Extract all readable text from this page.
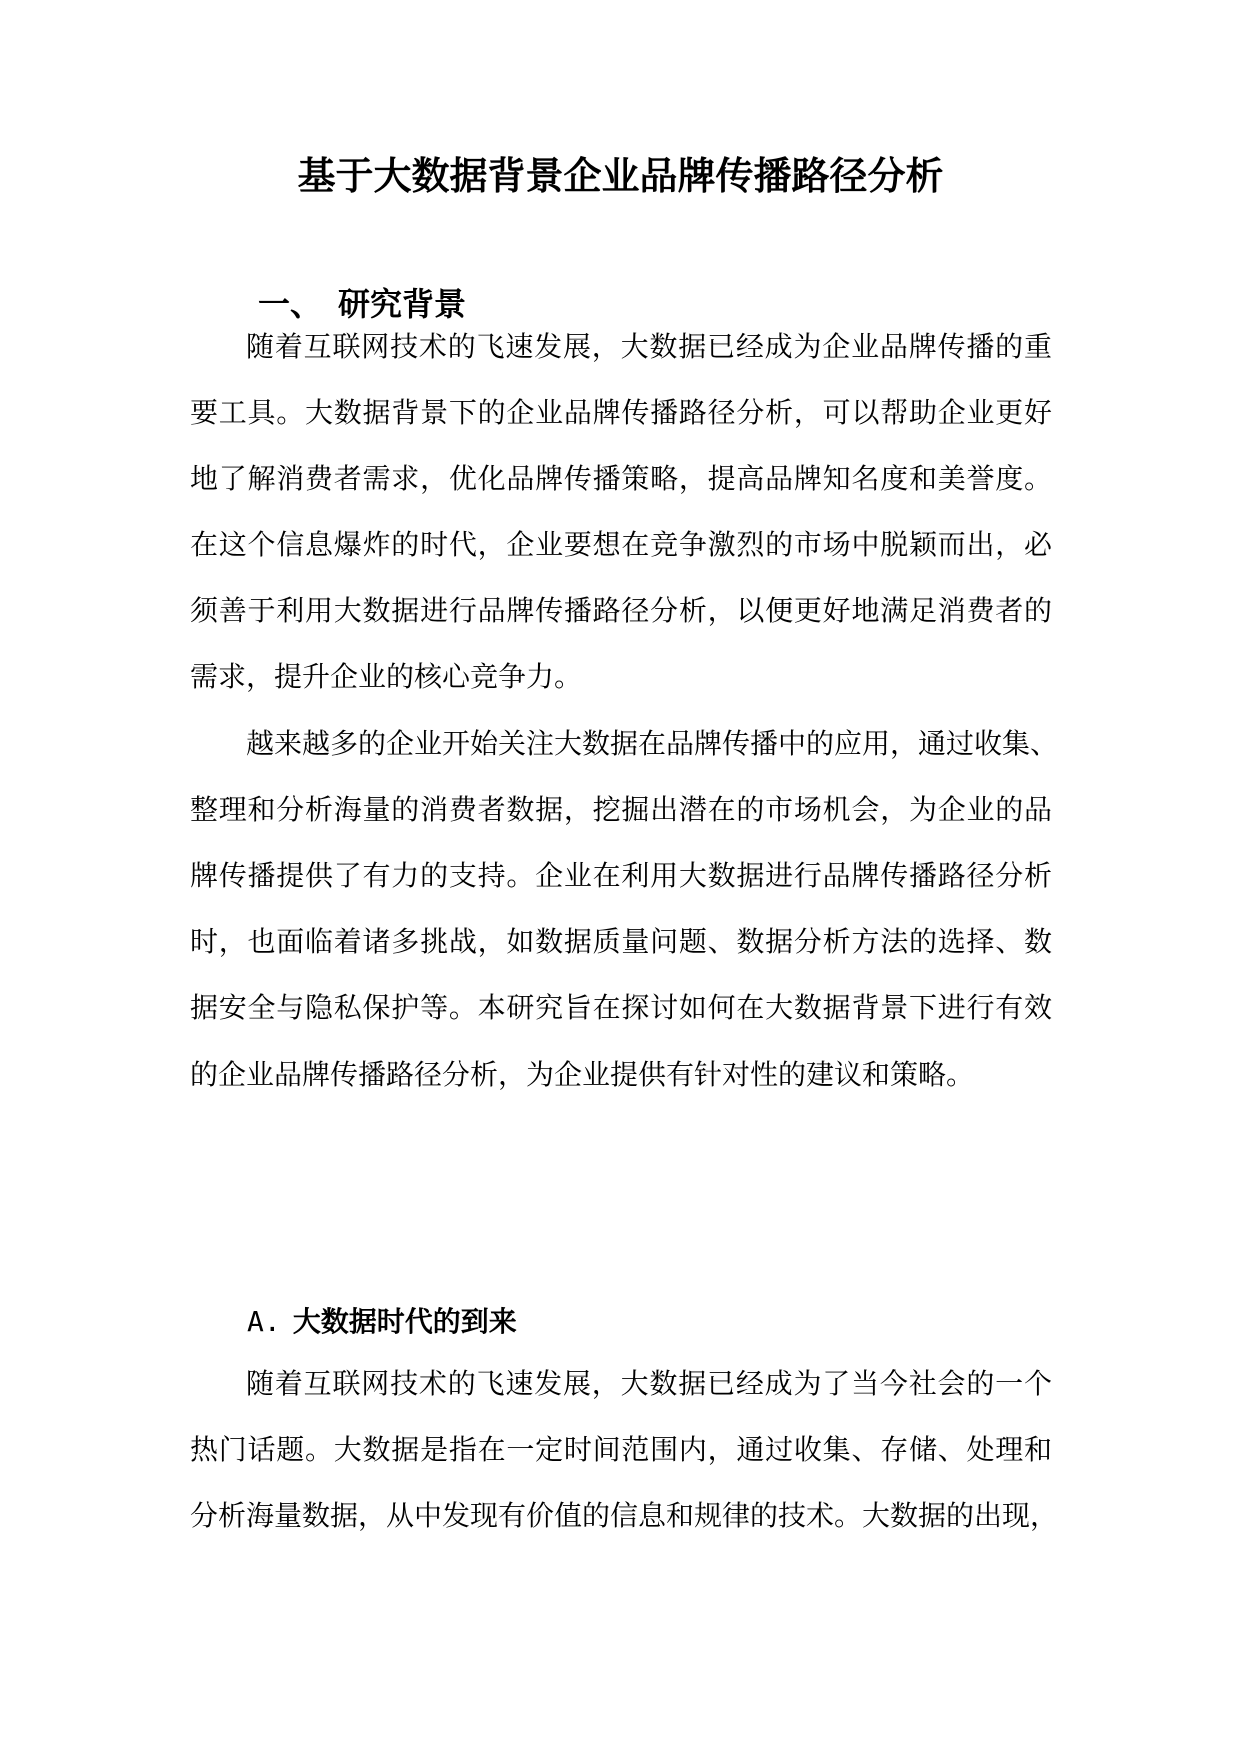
基于大数据背景企业品牌传播路径分析
一、 研究背景
随着互联网技术的飞速发展，大数据已经成为企业品牌传播的重
要工具。大数据背景下的企业品牌传播路径分析，可以帮助企业更好
地了解消费者需求，优化品牌传播策略，提高品牌知名度和美誉度。
在这个信息爆炸的时代，企业要想在竞争激烈的市场中脱颖而出，必
须善于利用大数据进行品牌传播路径分析，以便更好地满足消费者的
需求，提升企业的核心竞争力。
越来越多的企业开始关注大数据在品牌传播中的应用，通过收集、
整理和分析海量的消费者数据，挖掘出潜在的市场机会，为企业的品
牌传播提供了有力的支持。企业在利用大数据进行品牌传播路径分析
时，也面临着诸多挑战，如数据质量问题、数据分析方法的选择、数
据安全与隐私保护等。本研究旨在探讨如何在大数据背景下进行有效
的企业品牌传播路径分析，为企业提供有针对性的建议和策略。
A. 大数据时代的到来
随着互联网技术的飞速发展，大数据已经成为了当今社会的一个
热门话题。大数据是指在一定时间范围内，通过收集、存储、处理和
分析海量数据，从中发现有价值的信息和规律的技术。大数据的出现，
